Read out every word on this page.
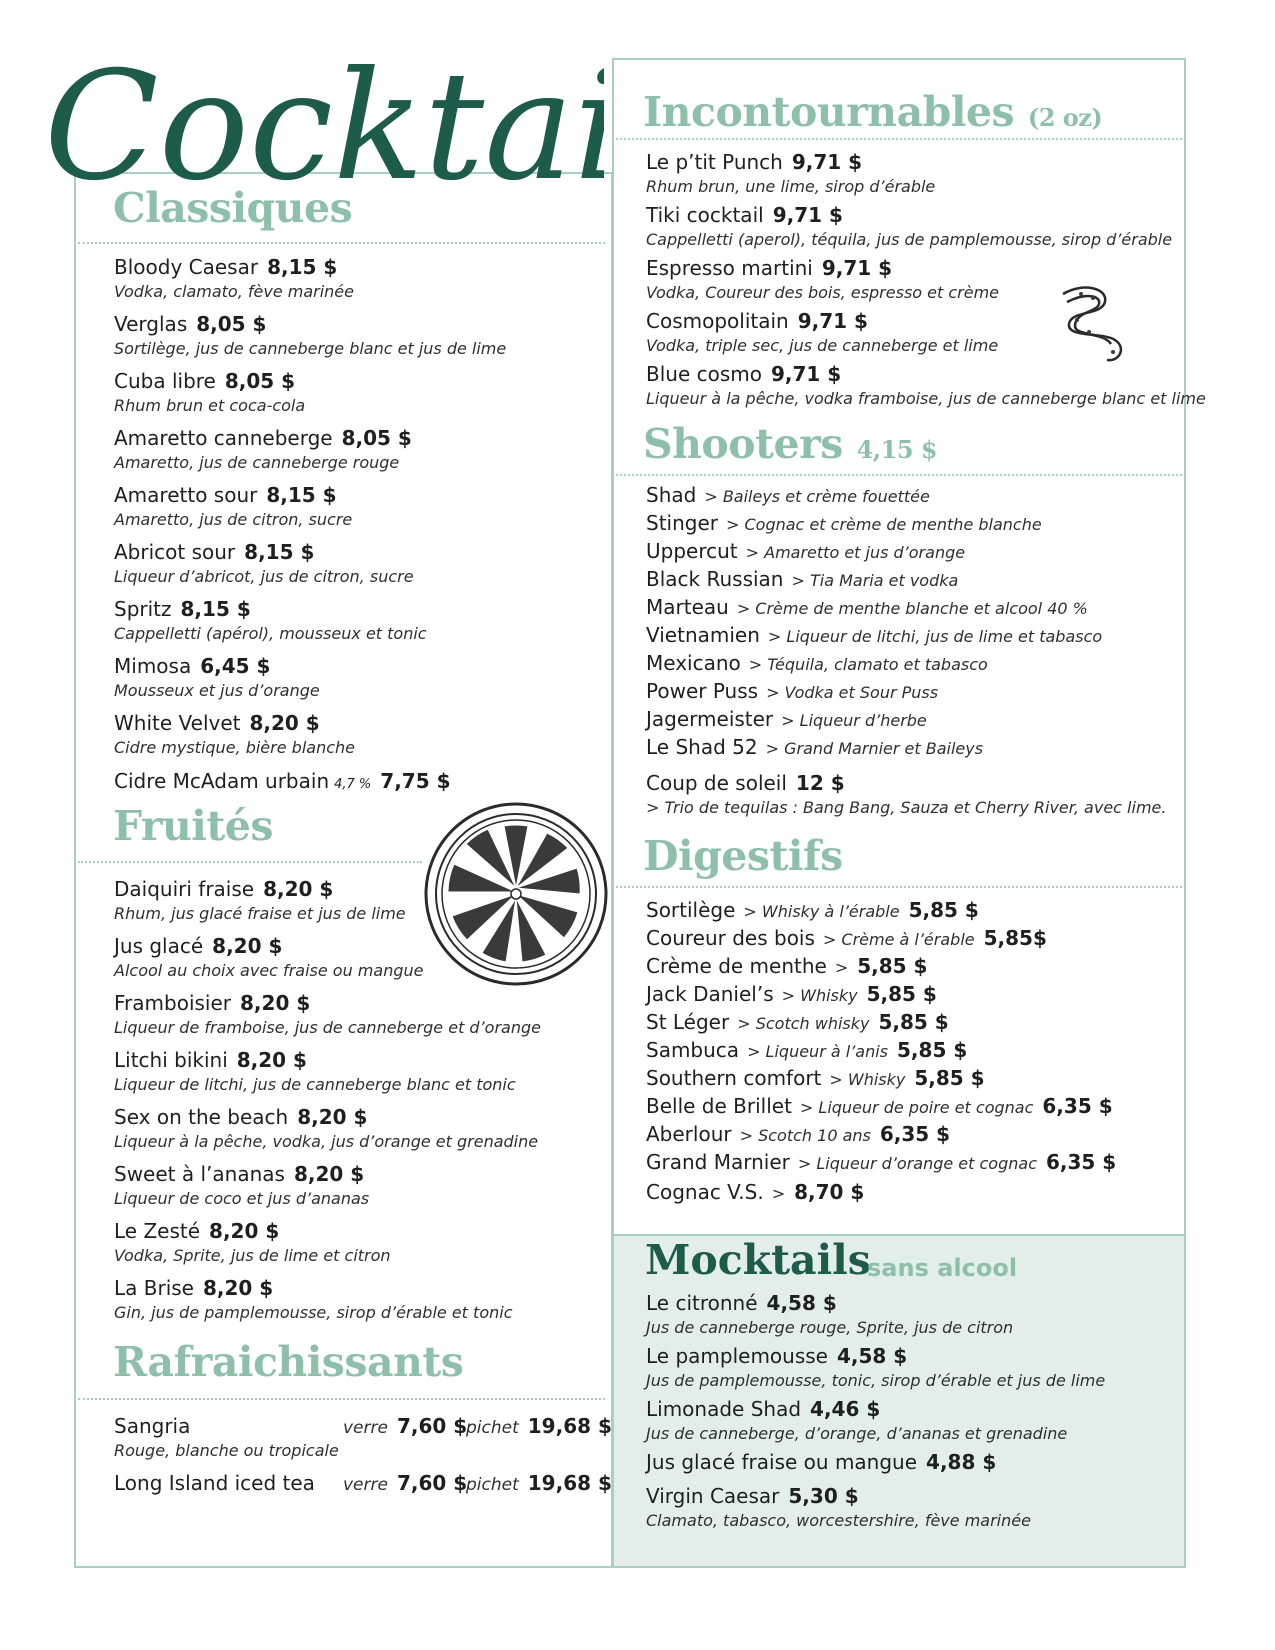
Cockta
Classiques
Bloody Caesar 8,15 $
Vodka, clamato, fève marinée
Verglas 8,05 $
Sortilège, jus de canneberge blanc et jus de lime
Cuba libre 8,05 $
Rhum brun et coca-cola
Amaretto canneberge 8,05 $
Amaretto, jus de canneberge rouge
Amaretto sour 8,15 $
Amaretto, jus de citron, sucre
Abricot sour 8,15 $
Liqueur d’abricot, jus de citron, sucre
Spritz 8,15 $
Cappelletti (apérol), mousseux et tonic
Mimosa 6,45 $
Mousseux et jus d’orange
White Velvet 8,20 $
Cidre mystique, bière blanche
Cidre McAdam urbain 4,7 % 7,75 $
Fruités
Daiquiri fraise 8,20 $
Rhum, jus glacé fraise et jus de lime
Jus glacé 8,20 $
Alcool au choix avec fraise ou mangue
Framboisier 8,20 $
Liqueur de framboise, jus de canneberge et d’orange
Litchi bikini 8,20 $
Liqueur de litchi, jus de canneberge blanc et tonic
Sex on the beach 8,20 $
Liqueur à la pêche, vodka, jus d’orange et grenadine
Sweet à l’ananas 8,20 $
Liqueur de coco et jus d’ananas
Le Zesté 8,20 $
Vodka, Sprite, jus de lime et citron
La Brise 8,20 $
Gin, jus de pamplemousse, sirop d’érable et tonic
Rafraichissants
Sangria
Rouge, blanche ou tropicale
verre 7,60 $
pichet 19,68 $
Long Island iced tea verre 7,60 $
pichet 19,68 $
Incontournables (2 oz)
Le p’tit Punch 9,71 $
Rhum brun, une lime, sirop d’érable
Tiki cocktail 9,71 $
Cappelletti (aperol), téquila, jus de pamplemousse, sirop d’érable
Espresso martini 9,71 $
Vodka, Coureur des bois, espresso et crème
Cosmopolitain 9,71 $
Vodka, triple sec, jus de canneberge et lime
Blue cosmo 9,71 $
Liqueur à la pêche, vodka framboise, jus de canneberge blanc et lime
Shooters 4,15 $
Shad > Baileys et crème fouettée
Stinger > Cognac et crème de menthe blanche
Uppercut > Amaretto et jus d’orange
Black Russian > Tia Maria et vodka
Marteau > Crème de menthe blanche et alcool 40 %
Vietnamien > Liqueur de litchi, jus de lime et tabasco
Mexicano > Téquila, clamato et tabasco
Power Puss > Vodka et Sour Puss
Jagermeister > Liqueur d’herbe
Le Shad 52 > Grand Marnier et Baileys
Coup de soleil 12 $
> Trio de tequilas : Bang Bang, Sauza et Cherry River, avec lime.
Digestifs
Sortilège > Whisky à l’érable 5,85 $
Coureur des bois > Crème à l’érable 5,85$
Crème de menthe > 5,85 $
Jack Daniel’s > Whisky 5,85 $
St Léger > Scotch whisky 5,85 $
Sambuca > Liqueur à l’anis 5,85 $
Southern comfort > Whisky 5,85 $
Belle de Brillet > Liqueur de poire et cognac 6,35 $
Aberlour > Scotch 10 ans 6,35 $
Grand Marnier > Liqueur d’orange et cognac 6,35 $
Cognac V.S. > 8,70 $
Mocktails
sans alcool
Le citronné 4,58 $
Jus de canneberge rouge, Sprite, jus de citron
Le pamplemousse 4,58 $
Jus de pamplemousse, tonic, sirop d’érable et jus de lime
Limonade Shad 4,46 $
Jus de canneberge, d’orange, d’ananas et grenadine
Jus glacé fraise ou mangue 4,88 $
Virgin Caesar 5,30 $
Clamato, tabasco, worcestershire, fève marinée
